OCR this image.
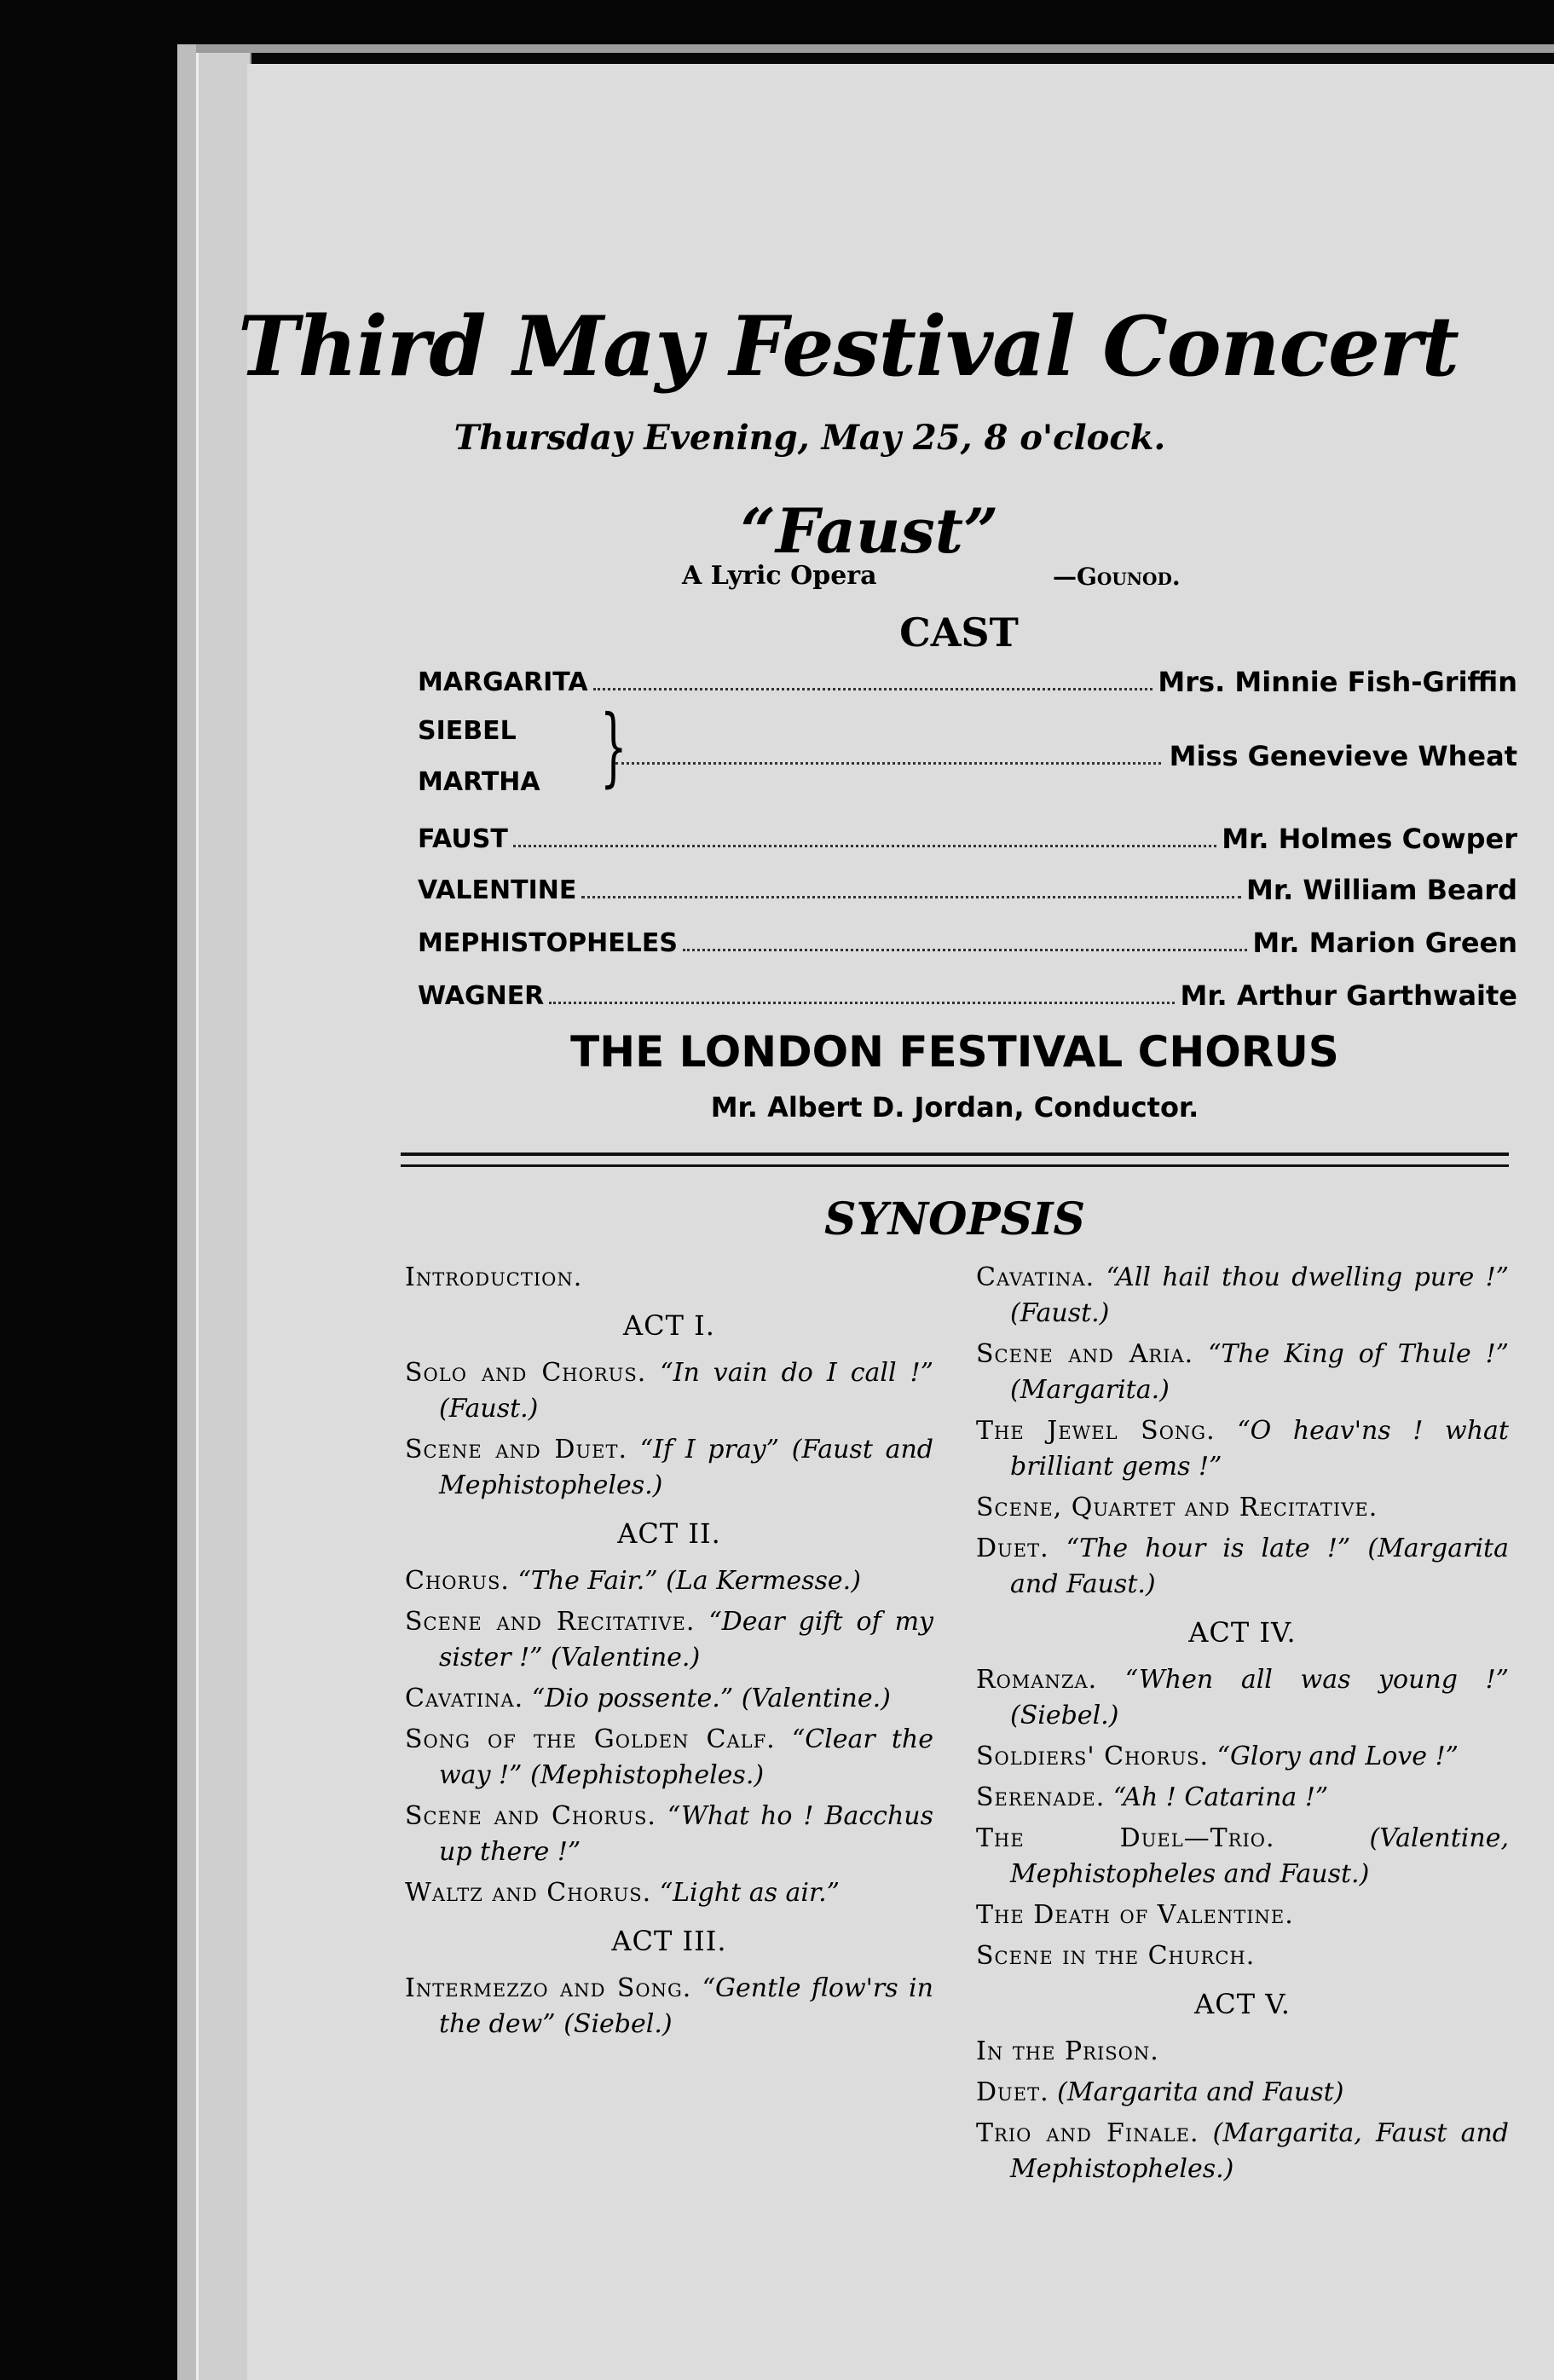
Third May Festival Concert
Thursday Evening, May 25, 8 o'clock.
“Faust”
A Lyric Opera	—Gounod.
CAST
MARGARITA	Mrs. Minnie Fish-Griffin
SIEBEL
MARTHA }	Miss Genevieve Wheat
FAUST	Mr. Holmes Cowper
VALENTINE	Mr. William Beard
MEPHISTOPHELES	Mr. Marion Green
WAGNER	Mr. Arthur Garthwaite
THE LONDON FESTIVAL CHORUS
Mr. Albert D. Jordan, Conductor.
SYNOPSIS
Introduction.
ACT I.
Solo and Chorus. “In vain do I call !” (Faust.)
Scene and Duet. “If I pray” (Faust and Mephistopheles.)
ACT II.
Chorus. “The Fair.” (La Kermesse.)
Scene and Recitative. “Dear gift of my sister !” (Valentine.)
Cavatina. “Dio possente.” (Valentine.)
Song of the Golden Calf. “Clear the way !” (Mephistopheles.)
Scene and Chorus. “What ho ! Bacchus up there !”
Waltz and Chorus. “Light as air.”
ACT III.
Intermezzo and Song. “Gentle flow'rs in the dew” (Siebel.)
Cavatina. “All hail thou dwelling pure !” (Faust.)
Scene and Aria. “The King of Thule !” (Margarita.)
The Jewel Song. “O heav'ns ! what brilliant gems !”
Scene, Quartet and Recitative.
Duet. “The hour is late !” (Margarita and Faust.)
ACT IV.
Romanza. “When all was young !” (Siebel.)
Soldiers' Chorus. “Glory and Love !”
Serenade. “Ah ! Catarina !”
The Duel—Trio.	(Valentine, Mephistopheles and Faust.)
The Death of Valentine.
Scene in the Church.
ACT V.
In the Prison.
Duet. (Margarita and Faust)
Trio and Finale. (Margarita, Faust and Mephistopheles.)
